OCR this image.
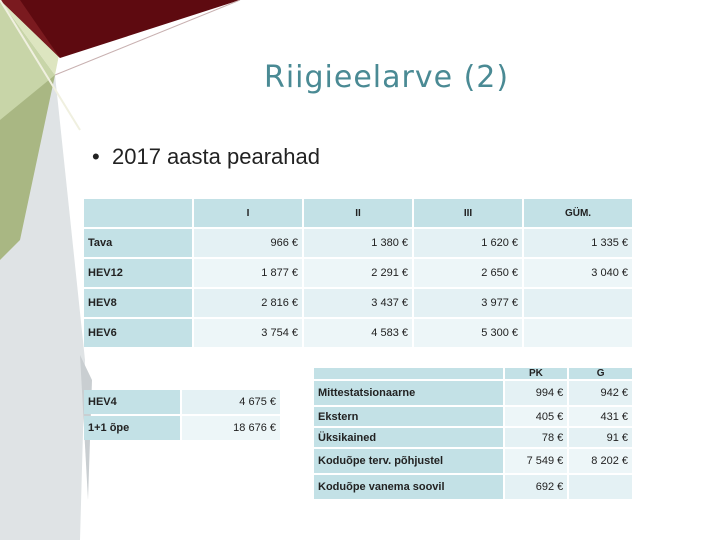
Riigieelarve (2)
• 2017 aasta pearahad
	I	II	III	GÜM.
Tava	966 €	1 380 €	1 620 €	1 335 €
HEV12	1 877 €	2 291 €	2 650 €	3 040 €
HEV8	2 816 €	3 437 €	3 977 €	
HEV6	3 754 €	4 583 €	5 300 €	
HEV4	4 675 €
1+1 õpe	18 676 €
	PK	G
Mittestatsionaarne	994 €	942 €
Ekstern	405 €	431 €
Üksikained	78 €	91 €
Koduõpe terv. põhjustel	7 549 €	8 202 €
Koduõpe vanema soovil	692 €	
